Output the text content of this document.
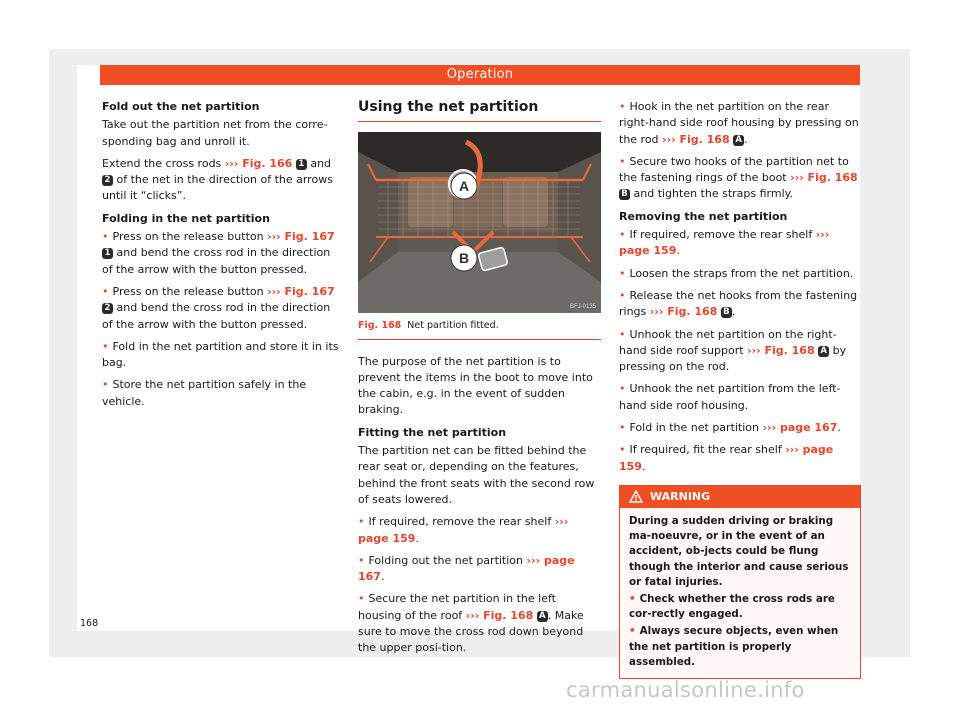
Operation

Fold out the net partition

Take out the partition net from the corre-sponding bag and unroll it.

Extend the cross rods ››› Fig. 166 1 and 2 of the net in the direction of the arrows until it “clicks”.

Folding in the net partition

• Press on the release button ››› Fig. 167 1 and bend the cross rod in the direction of the arrow with the button pressed.

• Press on the release button ››› Fig. 167 2 and bend the cross rod in the direction of the arrow with the button pressed.

• Fold in the net partition and store it in its bag.

• Store the net partition safely in the vehicle.

Using the net partition
A
B
BFJ-0135
Fig. 168 Net partition fitted.

The purpose of the net partition is to prevent the items in the boot to move into the cabin, e.g. in the event of sudden braking.

Fitting the net partition

The partition net can be fitted behind the rear seat or, depending on the features, behind the front seats with the second row of seats lowered.

• If required, remove the rear shelf ››› page 159.

• Folding out the net partition ››› page 167.

• Secure the net partition in the left housing of the roof ››› Fig. 168 A . Make sure to move the cross rod down beyond the upper posi-tion.

• Hook in the net partition on the rear right-hand side roof housing by pressing on the rod ››› Fig. 168 A .

• Secure two hooks of the partition net to the fastening rings of the boot ››› Fig. 168 B and tighten the straps firmly.

Removing the net partition

• If required, remove the rear shelf ››› page 159.

• Loosen the straps from the net partition.

• Release the net hooks from the fastening rings ››› Fig. 168 B .

• Unhook the net partition on the right-hand side roof support ››› Fig. 168 A by pressing on the rod.

• Unhook the net partition from the left-hand side roof housing.

• Fold in the net partition ››› page 167.

• If required, fit the rear shelf ››› page 159.

WARNING

During a sudden driving or braking ma-noeuvre, or in the event of an accident, ob-jects could be flung though the interior and cause serious or fatal injuries.

• Check whether the cross rods are cor-rectly engaged.

• Always secure objects, even when the net partition is properly assembled.

168
carmanualsonline.info
